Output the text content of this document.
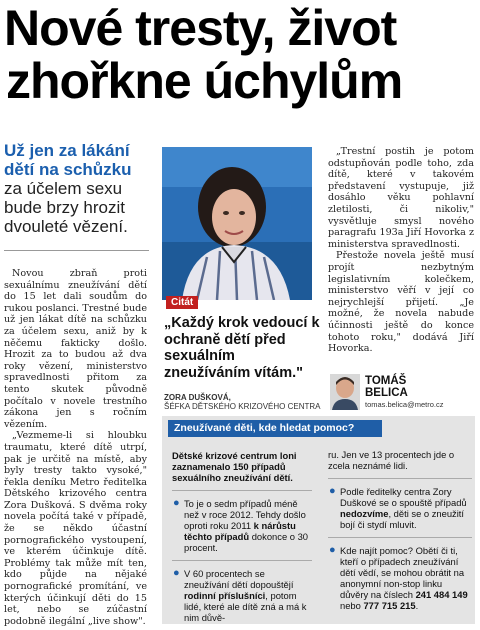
Nové tresty, život
zhořkne úchylům
Už jen za lákání dětí na schůzku za účelem sexu bude brzy hrozit dvouleté vězení.

Novou zbraň proti sexuálnímu zneužívání dětí do 15 let dali soudům do rukou poslanci. Trestné bude už jen lákat dítě na schůzku za účelem sexu, aniž by k něčemu fakticky došlo. Hrozit za to budou až dva roky vězení, ministerstvo spravedlnosti přitom za tento skutek původně počítalo v novele trestního zákona jen s ročním vězením.

„Vezmeme-li si hloubku traumatu, které dítě utrpí, pak je určitě na místě, aby byly tresty takto vysoké," řekla deníku Metro ředitelka Dětského krizového centra Zora Dušková. S dvěma roky novela počítá také v případě, že se někdo účastní pornografického vystoupení, ve kterém účinkuje dítě. Problémy tak může mít ten, kdo půjde na nějaké pornografické promítání, ve kterých účinkují děti do 15 let, nebo se zúčastní podobně ilegální „live show".

Citát
„Každý krok vedoucí k ochraně dětí před sexuálním zneužíváním vítám."
ZORA DUŠKOVÁ,
ŠÉFKA DĚTSKÉHO KRIZOVÉHO CENTRA

„Trestní postih je potom odstupňován podle toho, zda dítě, které v takovém představení vystupuje, již dosáhlo věku pohlavní zletilosti, či nikoliv," vysvětluje smysl nového paragrafu 193a Jiří Hovorka z ministerstva spravedlnosti.

Přestože novela ještě musí projít nezbytným legislativním kolečkem, ministerstvo věří v její co nejrychlejší přijetí. „Je možné, že novela nabude účinnosti ještě do konce tohoto roku," dodává Jiří Hovorka.

TOMÁŠ
BELICA
tomas.belica@metro.cz
Zneužívané děti, kde hledat pomoc?

Dětské krizové centrum loni zaznamenalo 150 případů sexuálního zneužívání dětí.

● To je o sedm případů méně než v roce 2012. Tehdy došlo oproti roku 2011 k nárůstu těchto případů dokonce o 30 procent.
● V 60 procentech se zneužívání dětí dopouštějí rodinní příslušníci, potom lidé, které ale dítě zná a má k nim důvě-

ru. Jen ve 13 procentech jde o zcela neznámé lidi.

● Podle ředitelky centra Zory Duškové se o spouště případů nedozvíme, děti se o zneužití bojí či stydí mluvit.
● Kde najít pomoc? Obětí či ti, kteří o případech zneužívání dětí vědí, se mohou obrátit na anonymní non-stop linku důvěry na číslech 241 484 149 nebo 777 715 215.
